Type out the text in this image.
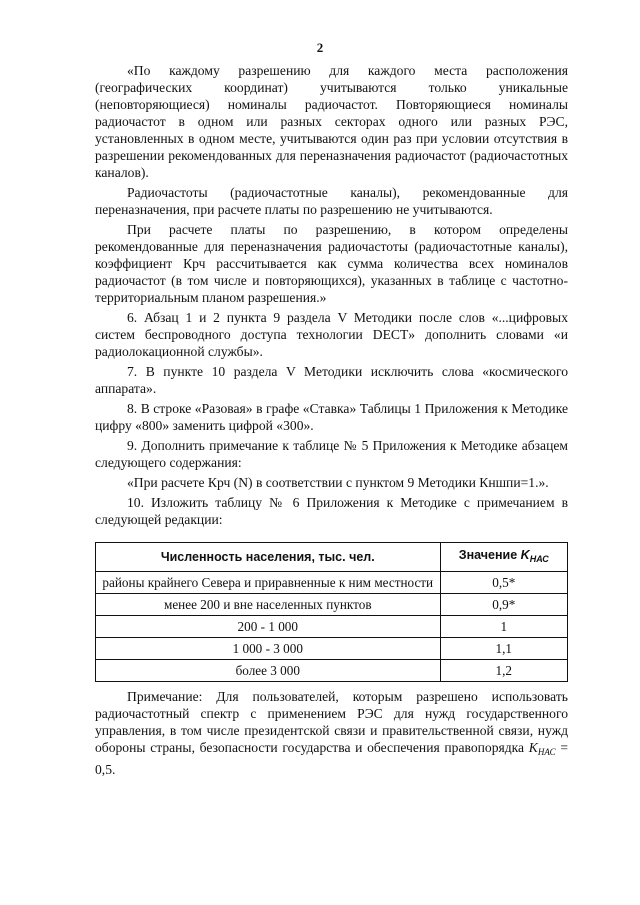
2

«По каждому разрешению для каждого места расположения (географических координат) учитываются только уникальные (неповторяющиеся) номиналы радиочастот. Повторяющиеся номиналы радиочастот в одном или разных секторах одного или разных РЭС, установленных в одном месте, учитываются один раз при условии отсутствия в разрешении рекомендованных для переназначения радиочастот (радиочастотных каналов).

Радиочастоты (радиочастотные каналы), рекомендованные для переназначения, при расчете платы по разрешению не учитываются.

При расчете платы по разрешению, в котором определены рекомендованные для переназначения радиочастоты (радиочастотные каналы), коэффициент Крч рассчитывается как сумма количества всех номиналов радиочастот (в том числе и повторяющихся), указанных в таблице с частотно-территориальным планом разрешения.»

6. Абзац 1 и 2 пункта 9 раздела V Методики после слов «...цифровых систем беспроводного доступа технологии DECT» дополнить словами «и радиолокационной службы».

7. В пункте 10 раздела V Методики исключить слова «космического аппарата».

8. В строке «Разовая» в графе «Ставка» Таблицы 1 Приложения к Методике цифру «800» заменить цифрой «300».

9. Дополнить примечание к таблице № 5 Приложения к Методике абзацем следующего содержания:

«При расчете Крч (N) в соответствии с пунктом 9 Методики Кншпи=1.».

10. Изложить таблицу № 6 Приложения к Методике с примечанием в следующей редакции:

Численность населения, тыс. чел.	Значение $K_{НАС}$
районы крайнего Севера и приравненные к ним местности	0,5*
менее 200 и вне населенных пунктов	0,9*
200 - 1 000	1
1 000 - 3 000	1,1
более 3 000	1,2

Примечание: Для пользователей, которым разрешено использовать радиочастотный спектр с применением РЭС для нужд государственного управления, в том числе президентской связи и правительственной связи, нужд обороны страны, безопасности государства и обеспечения правопорядка $K_{НАС} = 0,5$.
